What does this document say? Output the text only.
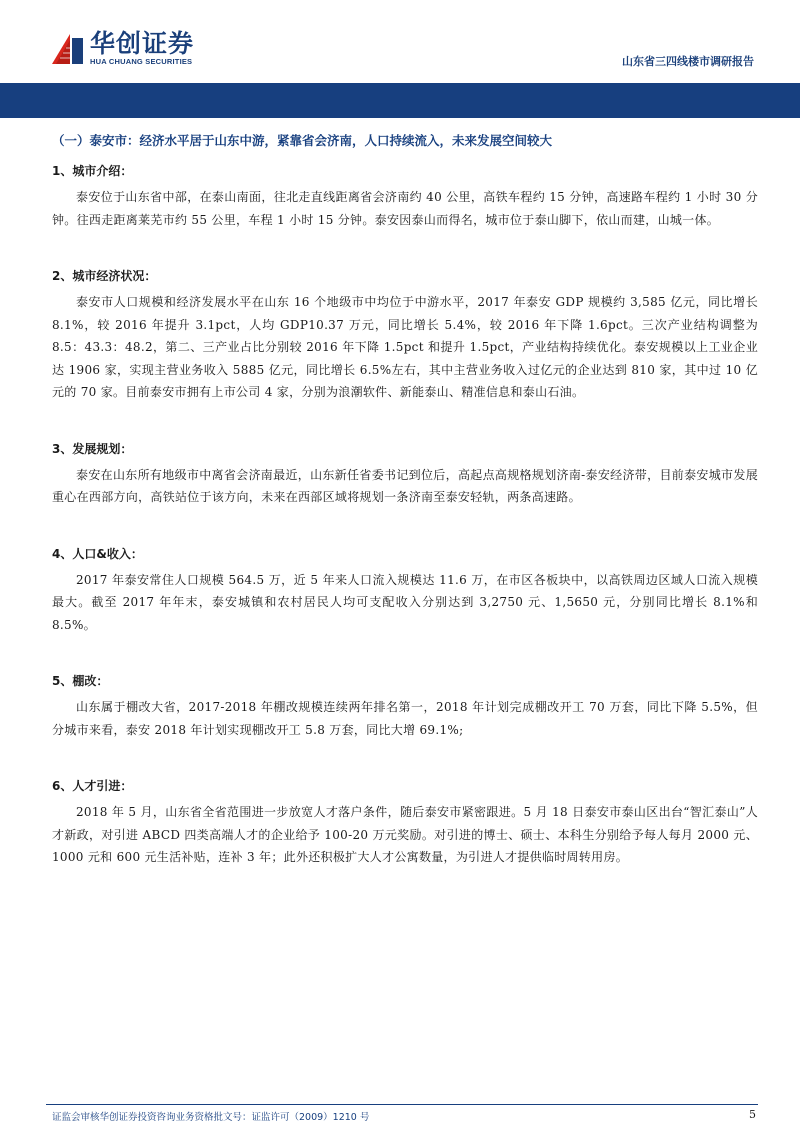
华创证券
HUA CHUANG SECURITIES	山东省三四线楼市调研报告
（一）泰安市：经济水平居于山东中游，紧靠省会济南，人口持续流入，未来发展空间较大
1、城市介绍：

泰安位于山东省中部，在泰山南面，往北走直线距离省会济南约 40 公里，高铁车程约 15 分钟，高速路车程约 1 小时 30 分钟。往西走距离莱芜市约 55 公里，车程 1 小时 15 分钟。泰安因泰山而得名，城市位于泰山脚下，依山而建，山城一体。

2、城市经济状况：

泰安市人口规模和经济发展水平在山东 16 个地级市中均位于中游水平，2017 年泰安 GDP 规模约 3,585 亿元，同比增长 8.1%，较 2016 年提升 3.1pct，人均 GDP10.37 万元，同比增长 5.4%，较 2016 年下降 1.6pct。三次产业结构调整为 8.5：43.3：48.2，第二、三产业占比分别较 2016 年下降 1.5pct 和提升 1.5pct，产业结构持续优化。泰安规模以上工业企业达 1906 家，实现主营业务收入 5885 亿元，同比增长 6.5%左右，其中主营业务收入过亿元的企业达到 810 家，其中过 10 亿元的 70 家。目前泰安市拥有上市公司 4 家，分别为浪潮软件、新能泰山、精准信息和泰山石油。

3、发展规划：

泰安在山东所有地级市中离省会济南最近，山东新任省委书记到位后，高起点高规格规划济南-泰安经济带，目前泰安城市发展重心在西部方向，高铁站位于该方向，未来在西部区域将规划一条济南至泰安轻轨，两条高速路。

4、人口&收入：

2017 年泰安常住人口规模 564.5 万，近 5 年来人口流入规模达 11.6 万，在市区各板块中，以高铁周边区域人口流入规模最大。截至 2017 年年末，泰安城镇和农村居民人均可支配收入分别达到 3,2750 元、1,5650 元，分别同比增长 8.1%和 8.5%。

5、棚改：

山东属于棚改大省，2017-2018 年棚改规模连续两年排名第一，2018 年计划完成棚改开工 70 万套，同比下降 5.5%，但分城市来看，泰安 2018 年计划实现棚改开工 5.8 万套，同比大增 69.1%;

6、人才引进：

2018 年 5 月，山东省全省范围进一步放宽人才落户条件，随后泰安市紧密跟进。5 月 18 日泰安市泰山区出台“智汇泰山”人才新政，对引进 ABCD 四类高端人才的企业给予 100-20 万元奖励。对引进的博士、硕士、本科生分别给予每人每月 2000 元、1000 元和 600 元生活补贴，连补 3 年；此外还积极扩大人才公寓数量，为引进人才提供临时周转用房。

证监会审核华创证券投资咨询业务资格批文号：证监许可（2009）1210 号	5
